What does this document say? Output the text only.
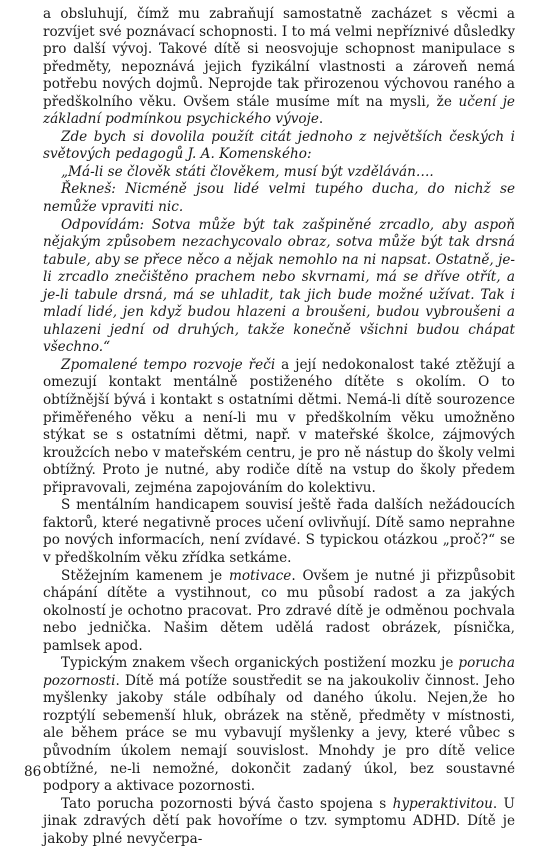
a obsluhují, čímž mu zabraňují samostatně zacházet s věcmi a rozvíjet své poznávací schopnosti. I to má velmi nepříznivé důsledky pro další vývoj. Takové dítě si neosvojuje schopnost manipulace s předměty, nepoznává jejich fyzikální vlastnosti a zároveň nemá potřebu nových dojmů. Neprojde tak přirozenou výchovou raného a předškolního věku. Ovšem stále musíme mít na mysli, že učení je základní podmínkou psychického vývoje.

Zde bych si dovolila použít citát jednoho z největších českých i světových pedagogů J. A. Komenského:

„Má-li se člověk státi člověkem, musí být vzděláván….

Řekneš: Nicméně jsou lidé velmi tupého ducha, do nichž se nemůže vpraviti nic.

Odpovídám: Sotva může být tak zašpiněné zrcadlo, aby aspoň nějakým způsobem nezachycovalo obraz, sotva může být tak drsná tabule, aby se přece něco a nějak nemohlo na ni napsat. Ostatně, je-li zrcadlo znečištěno prachem nebo skvrnami, má se dříve otřít, a je-li tabule drsná, má se uhladit, tak jich bude možné užívat. Tak i mladí lidé, jen když budou hlazeni a broušeni, budou vybroušeni a uhlazeni jední od druhých, takže konečně všichni budou chápat všechno.“

Zpomalené tempo rozvoje řeči a její nedokonalost také ztěžují a omezují kontakt mentálně postiženého dítěte s okolím. O to obtížnější bývá i kontakt s ostatními dětmi. Nemá-li dítě sourozence přiměřeného věku a není-li mu v předškolním věku umožněno stýkat se s ostatními dětmi, např. v mateřské školce, zájmových kroužcích nebo v mateřském centru, je pro ně nástup do školy velmi obtížný. Proto je nutné, aby rodiče dítě na vstup do školy předem připravovali, zejména zapojováním do kolektivu.

S mentálním handicapem souvisí ještě řada dalších nežádoucích faktorů, které negativně proces učení ovlivňují. Dítě samo neprahne po nových informacích, není zvídavé. S typickou otázkou „proč?“ se v předškolním věku zřídka setkáme.

Stěžejním kamenem je motivace. Ovšem je nutné ji přizpůsobit chápání dítěte a vystihnout, co mu působí radost a za jakých okolností je ochotno pracovat. Pro zdravé dítě je odměnou pochvala nebo jednička. Našim dětem udělá radost obrázek, písnička, pamlsek apod.

Typickým znakem všech organických postižení mozku je porucha pozornosti. Dítě má potíže soustředit se na jakoukoliv činnost. Jeho myšlenky jakoby stále odbíhaly od daného úkolu. Nejen,že ho rozptýlí sebemenší hluk, obrázek na stěně, předměty v místnosti, ale během práce se mu vybavují myšlenky a jevy, které vůbec s původním úkolem nemají souvislost. Mnohdy je pro dítě velice obtížné, ne-li nemožné, dokončit zadaný úkol, bez soustavné podpory a aktivace pozornosti.

Tato porucha pozornosti bývá často spojena s hyperaktivitou. U jinak zdravých dětí pak hovoříme o tzv. symptomu ADHD. Dítě je jakoby plné nevyčerpa-

86
